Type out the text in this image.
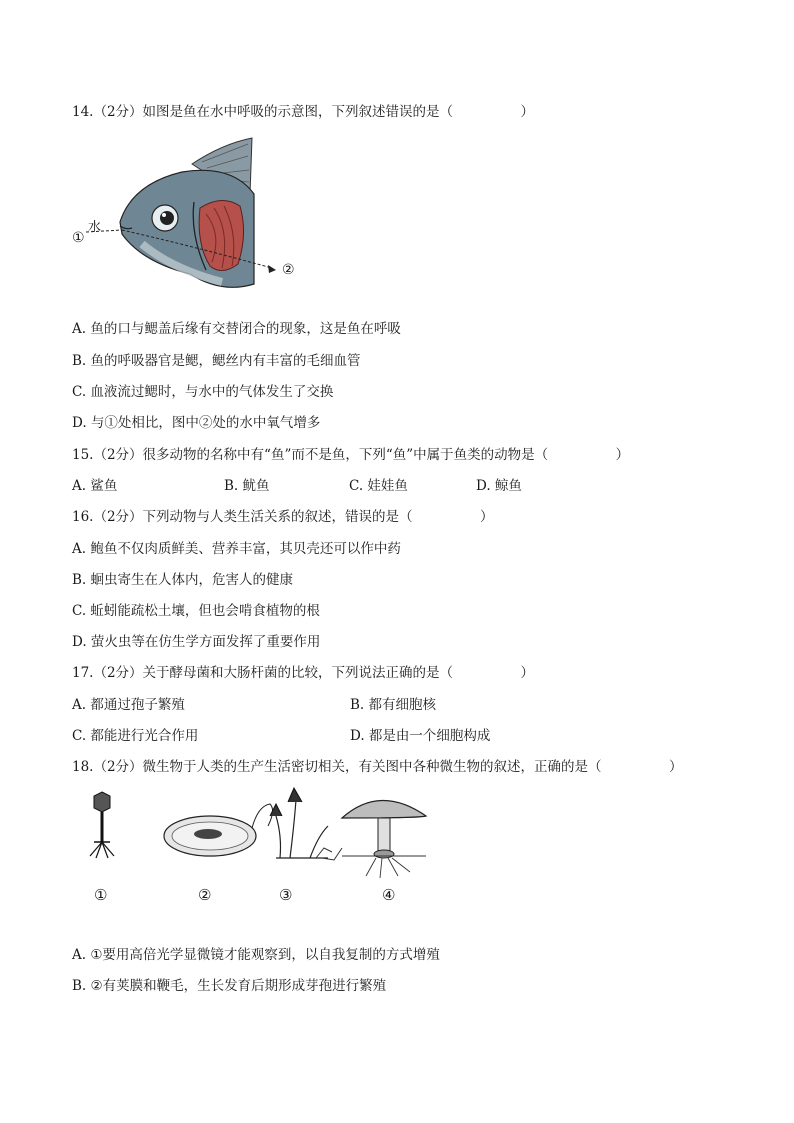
14.（2分）如图是鱼在水中呼吸的示意图，下列叙述错误的是（　　　　　）
水
①
②
A. 鱼的口与鳃盖后缘有交替闭合的现象，这是鱼在呼吸
B. 鱼的呼吸器官是鳃，鳃丝内有丰富的毛细血管
C. 血液流过鳃时，与水中的气体发生了交换
D. 与①处相比，图中②处的水中氧气增多
15.（2分）很多动物的名称中有“鱼”而不是鱼，下列“鱼”中属于鱼类的动物是（　　　　　）
A. 鲨鱼	B. 鱿鱼	C. 娃娃鱼	D. 鲸鱼
16.（2分）下列动物与人类生活关系的叙述，错误的是（　　　　　）
A. 鲍鱼不仅肉质鲜美、营养丰富，其贝壳还可以作中药
B. 蛔虫寄生在人体内，危害人的健康
C. 蚯蚓能疏松土壤，但也会啃食植物的根
D. 萤火虫等在仿生学方面发挥了重要作用
17.（2分）关于酵母菌和大肠杆菌的比较，下列说法正确的是（　　　　　）
A. 都通过孢子繁殖	B. 都有细胞核
C. 都能进行光合作用	D. 都是由一个细胞构成
18.（2分）微生物于人类的生产生活密切相关，有关图中各种微生物的叙述，正确的是（　　　　　）
①	②	③	④
A. ①要用高倍光学显微镜才能观察到，以自我复制的方式增殖
B. ②有荚膜和鞭毛，生长发育后期形成芽孢进行繁殖
